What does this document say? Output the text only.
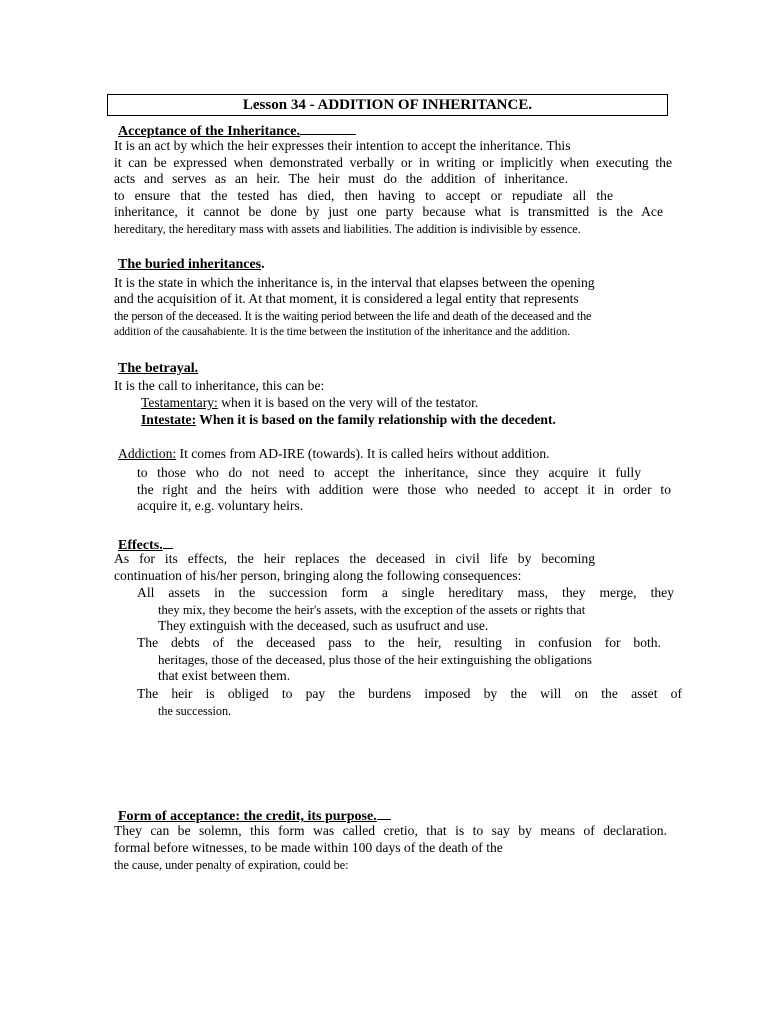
Lesson 34 - ADDITION OF INHERITANCE.
Acceptance of the Inheritance.
It is an act by which the heir expresses their intention to accept the inheritance. This
it can be expressed when demonstrated verbally or in writing or implicitly when executing the
acts and serves as an heir. The heir must do the addition of inheritance.
to ensure that the tested has died, then having to accept or repudiate all the
inheritance, it cannot be done by just one party because what is transmitted is the Ace
hereditary, the hereditary mass with assets and liabilities. The addition is indivisible by essence.
The buried inheritances.
It is the state in which the inheritance is, in the interval that elapses between the opening
and the acquisition of it. At that moment, it is considered a legal entity that represents
the person of the deceased. It is the waiting period between the life and death of the deceased and the
addition of the causahabiente. It is the time between the institution of the inheritance and the addition.
The betrayal.
It is the call to inheritance, this can be:
Testamentary: when it is based on the very will of the testator.
Intestate: When it is based on the family relationship with the decedent.
Addiction: It comes from AD-IRE (towards). It is called heirs without addition.
to those who do not need to accept the inheritance, since they acquire it fully
the right and the heirs with addition were those who needed to accept it in order to
acquire it, e.g. voluntary heirs.
Effects.
As for its effects, the heir replaces the deceased in civil life by becoming
continuation of his/her person, bringing along the following consequences:
All assets in the succession form a single hereditary mass, they merge, they
they mix, they become the heir's assets, with the exception of the assets or rights that
They extinguish with the deceased, such as usufruct and use.
The debts of the deceased pass to the heir, resulting in confusion for both.
heritages, those of the deceased, plus those of the heir extinguishing the obligations
that exist between them.
The heir is obliged to pay the burdens imposed by the will on the asset of
the succession.
Form of acceptance: the credit, its purpose.
They can be solemn, this form was called cretio, that is to say by means of declaration.
formal before witnesses, to be made within 100 days of the death of the
the cause, under penalty of expiration, could be:
